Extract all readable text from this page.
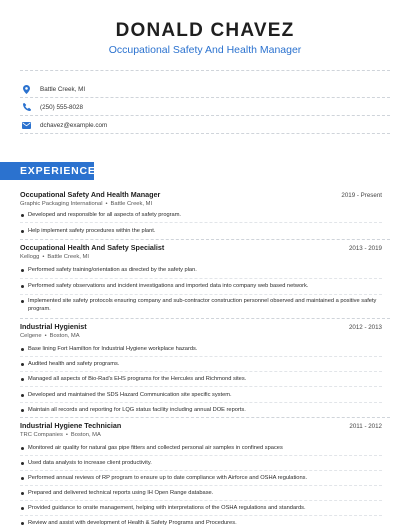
DONALD CHAVEZ
Occupational Safety And Health Manager
Battle Creek, MI
(250) 555-8028
dchavez@example.com
EXPERIENCE
Occupational Safety And Health Manager	2019 - Present
Graphic Packaging International • Battle Creek, MI
Developed and responsible for all aspects of safety program.
Help implement safety procedures within the plant.
Occupational Health And Safety Specialist	2013 - 2019
Kellogg • Battle Creek, MI
Performed safety training/orientation as directed by the safety plan.
Performed safety observations and incident investigations and imported data into company web based network.
Implemented site safety protocols ensuring company and sub-contractor construction personnel observed and maintained a positive safety program.
Industrial Hygienist	2012 - 2013
Celgene • Boston, MA
Base lining Fort Hamilton for Industrial Hygiene workplace hazards.
Audited health and safety programs.
Managed all aspects of Bio-Rad's EHS programs for the Hercules and Richmond sites.
Developed and maintained the SDS Hazard Communication site specific system.
Maintain all records and reporting for LQG status facility including annual DOE reports.
Industrial Hygiene Technician	2011 - 2012
TRC Companies • Boston, MA
Monitored air quality for natural gas pipe fitters and collected personal air samples in confined spaces
Used data analysis to increase client productivity.
Performed annual reviews of RP program to ensure up to date compliance with Airforce and OSHA regulations.
Prepared and delivered technical reports using IH Open Range database.
Provided guidance to onsite management, helping with interpretations of the OSHA regulations and standards.
Review and assist with development of Health & Safety Programs and Procedures.
